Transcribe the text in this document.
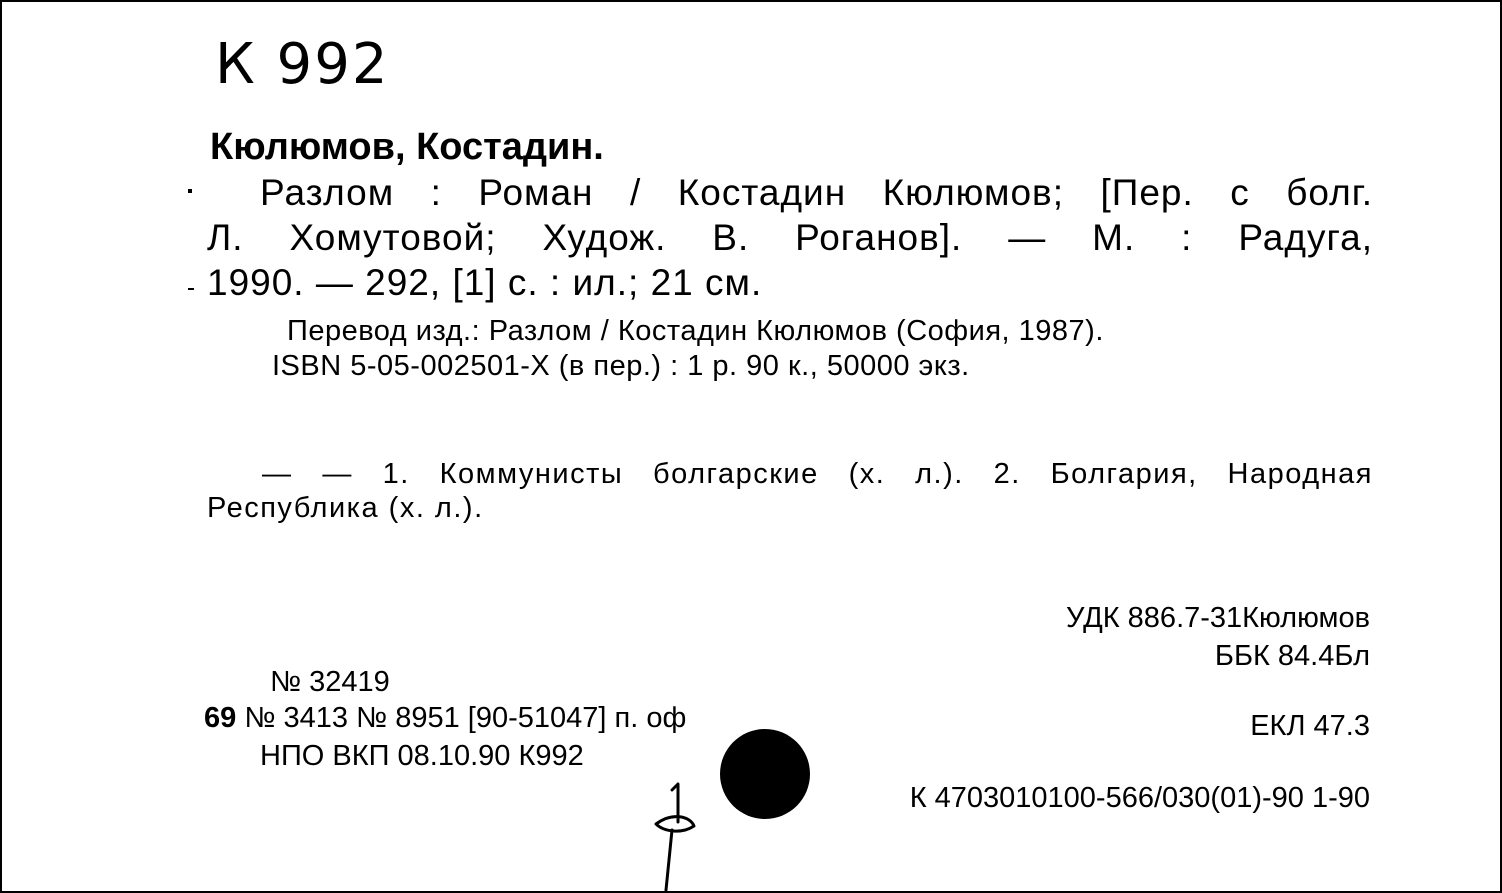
К 992
Кюлюмов, Костадин.
Разлом : Роман / Костадин Кюлюмов; [Пер. с болг.
Л. Хомутовой; Худож. В. Роганов]. — М. : Радуга,
1990. — 292, [1] с. : ил.; 21 см.
Перевод изд.: Разлом / Костадин Кюлюмов (София, 1987).
ISBN 5-05-002501-X (в пер.) : 1 р. 90 к., 50000 экз.
— — 1. Коммунисты болгарские (х. л.). 2. Болгария, Народная
Республика (х. л.).
УДК 886.7-31Кюлюмов
ББК 84.4Бл
ЕКЛ 47.3
К 4703010100-566/030(01)-90 1-90
№ 32419
69 № 3413 № 8951 [90-51047] п. оф
НПО ВКП 08.10.90 К992
